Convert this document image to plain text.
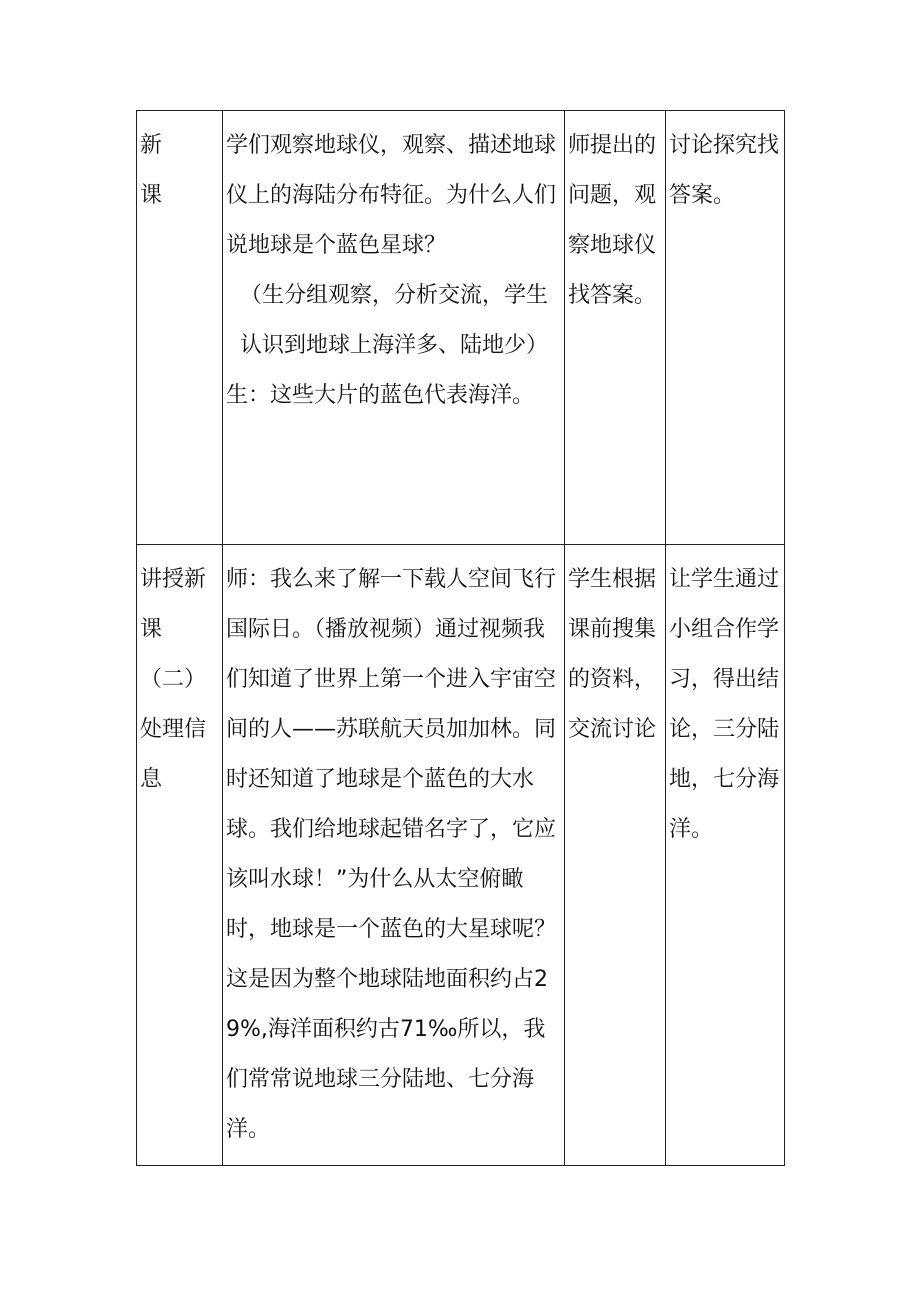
新
课	学们观察地球仪，观察、描述地球仪上的海陆分布特征。为什么人们说地球是个蓝色星球？
（生分组观察，分析交流，学生认识到地球上海洋多、陆地少）
生：这些大片的蓝色代表海洋。	师提出的问题，观察地球仪找答案。	讨论探究找答案。

讲授新课
（二）处理信息	师：我么来了解一下载人空间飞行国际日。（播放视频）通过视频我们知道了世界上第一个进入宇宙空间的人——苏联航天员加加林。同时还知道了地球是个蓝色的大水球。我们给地球起错名字了，它应该叫水球！”为什么从太空俯瞰时，地球是一个蓝色的大星球呢？这是因为整个地球陆地面积约占29%,海洋面积约古71‰所以，我们常常说地球三分陆地、七分海洋。	学生根据课前搜集的资料，交流讨论	让学生通过小组合作学习，得出结论，三分陆地，七分海洋。
